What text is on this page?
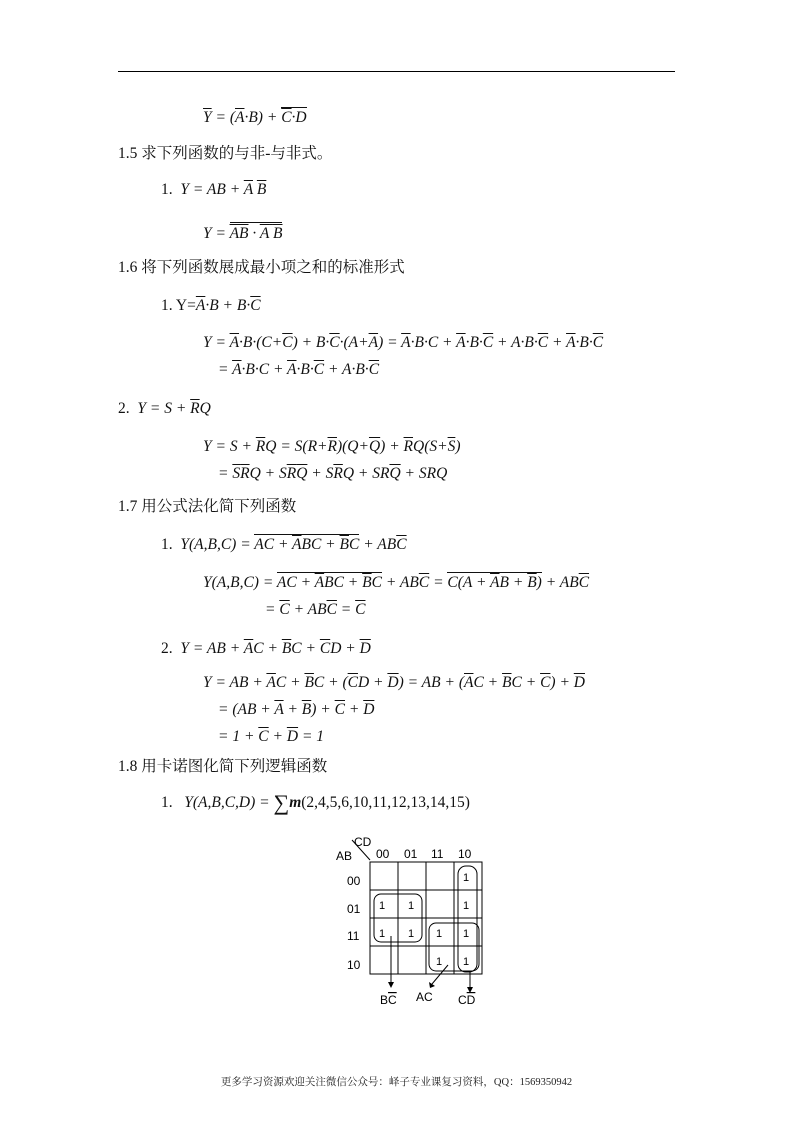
$\overline{Y} = (\overline{A}\cdot B) + \overline{C}\cdot D$
1.5 求下列函数的与非-与非式。
1. Y = AB + $\overline{A}$ $\overline{B}$
$Y = \overline{AB} \cdot A$ B
1.6 将下列函数展成最小项之和的标准形式
1. $Y=\overline{A}\cdot B + B\cdot\overline{C}$
$Y = \overline{A}\cdot B\cdot(C+\overline{C}) + B\cdot\overline{C}\cdot(A+\overline{A}) = \overline{A}\cdot B\cdot C + \overline{A}\cdot B\cdot\overline{C} + A\cdot B\cdot\overline{C} + \overline{A}\cdot B\cdot\overline{C}$
= $\overline{A}\cdot B\cdot C + \overline{A}\cdot B\cdot\overline{C} + A\cdot B\cdot\overline{C}$
2. $Y = S + \overline{R}Q$
$Y = S + \overline{R}Q = S(R+\overline{R})(Q+\overline{Q}) + \overline{R}Q(S+\overline{S})$
= $\overline{S}\overline{R}Q + S\overline{R}\overline{Q} + S\overline{R}Q + SR\overline{Q}$ + SRQ
1.7 用公式法化简下列函数
1. Y(A,B,C) = AC + $\overline{A}BC + \overline{B}C + AB\overline{C}$
Y(A,B,C) = AC + $\overline{A}BC + \overline{B}C + AB\overline{C} = C(A + \overline{A}B + \overline{B}) + AB\overline{C}$
= $\overline{C} + AB\overline{C} = \overline{C}$
2. Y = AB + $\overline{A}C + \overline{B}C + \overline{C}D + \overline{D}$
Y = AB + $\overline{A}C + \overline{B}C + (\overline{C}D + \overline{D})$ = AB + $(\overline{A}C + \overline{B}C + \overline{C}) + \overline{D}$
= $(AB + \overline{A} + \overline{B}) + \overline{C} + \overline{D}$
= $1 + \overline{C} + \overline{D} = 1$
1.8 用卡诺图化简下列逻辑函数
1. Y(A,B,C,D) = ∑m(2,4,5,6,10,11,12,13,14,15)
AB
CD
00 01 11 10
00
01
11
10
1
1 1	1
1 1 1 1
1 1
BC AC CD
更多学习资源欢迎关注微信公众号：峄子专业课复习资料，QQ：1569350942
